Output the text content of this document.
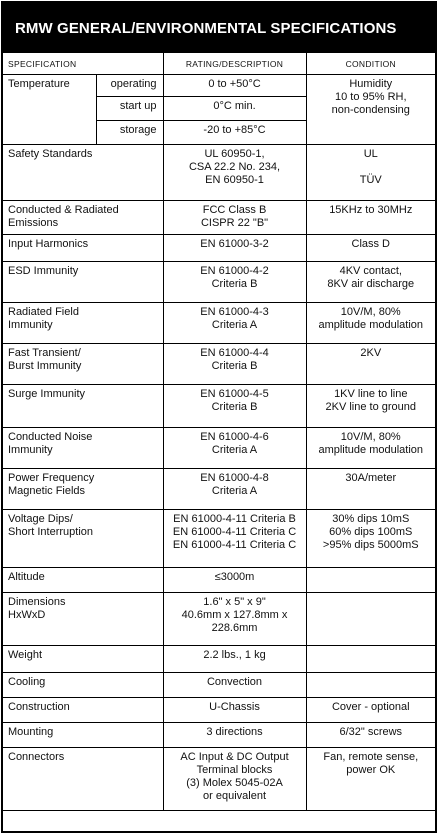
RMW GENERAL/ENVIRONMENTAL SPECIFICATIONS
SPECIFICATION		RATING/DESCRIPTION	CONDITION
Temperature	operating	0 to +50°C	Humidity
10 to 95% RH,
non-condensing

	start up	0°C min.	
	storage	-20 to +85°C	

Safety Standards		UL 60950-1,
CSA 22.2 No. 234,
EN 60950-1	UL

TÜV

Conducted & Radiated
Emissions		FCC Class B
CISPR 22 "B"	15KHz to 30MHz

Input Harmonics		EN 61000-3-2	Class D

ESD Immunity		EN 61000-4-2
Criteria B	4KV contact,
8KV air discharge

Radiated Field
Immunity		EN 61000-4-3
Criteria A	10V/M, 80%
amplitude modulation

Fast Transient/
Burst Immunity		EN 61000-4-4
Criteria B	2KV

Surge Immunity		EN 61000-4-5
Criteria B	1KV line to line
2KV line to ground

Conducted Noise
Immunity		EN 61000-4-6
Criteria A	10V/M, 80%
amplitude modulation

Power Frequency
Magnetic Fields		EN 61000-4-8
Criteria A	30A/meter

Voltage Dips/
Short Interruption		EN 61000-4-11 Criteria B
EN 61000-4-11 Criteria C
EN 61000-4-11 Criteria C	30% dips 10mS
60% dips 100mS
>95% dips 5000mS

Altitude		≤3000m	

Dimensions
HxWxD		1.6" x 5" x 9"
40.6mm x 127.8mm x
228.6mm	

Weight		2.2 lbs., 1 kg	

Cooling		Convection	

Construction		U-Chassis	Cover - optional

Mounting		3 directions	6/32" screws

Connectors		AC Input & DC Output
Terminal blocks
(3) Molex 5045-02A
or equivalent	Fan, remote sense,
power OK
